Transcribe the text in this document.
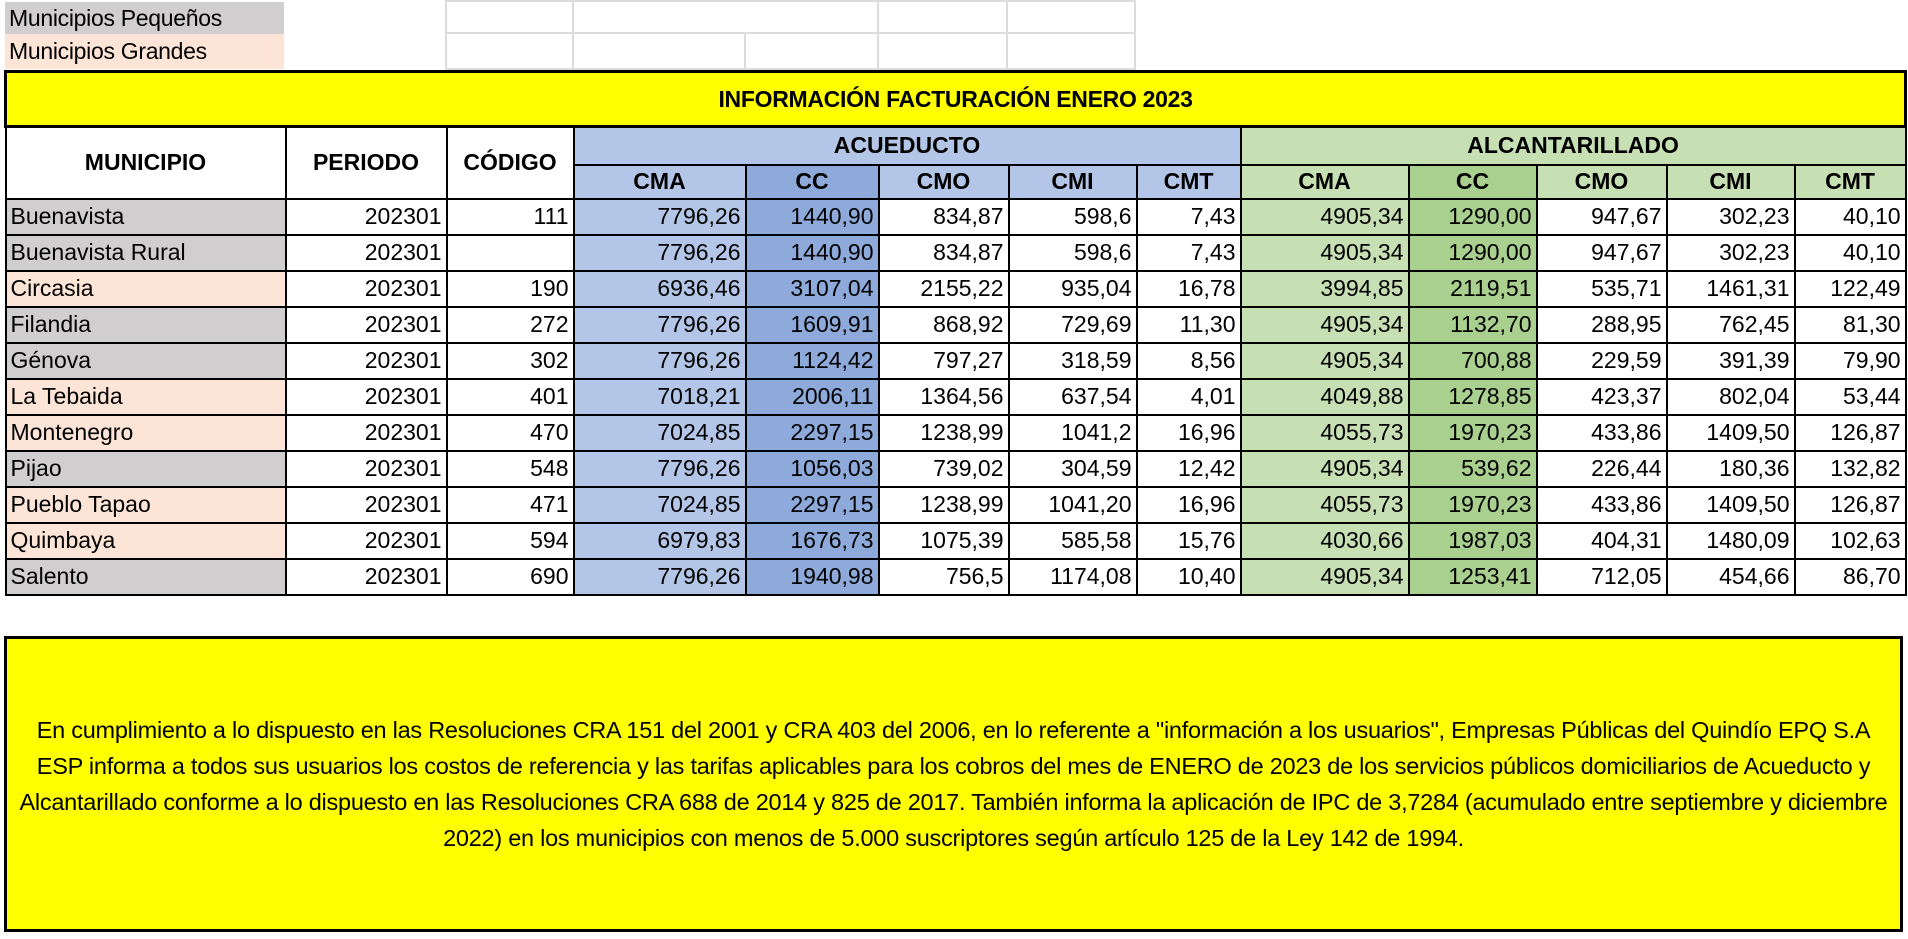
Municipios Pequeños
Municipios Grandes
INFORMACIÓN FACTURACIÓN ENERO 2023												
MUNICIPIO	PERIODO	CÓDIGO	ACUEDUCTO					ALCANTARILLADO				
			CMA	CC	CMO	CMI	CMT	CMA	CC	CMO	CMI	CMT
Buenavista	202301	111	7796,26	1440,90	834,87	598,6	7,43	4905,34	1290,00	947,67	302,23	40,10
Buenavista Rural	202301		7796,26	1440,90	834,87	598,6	7,43	4905,34	1290,00	947,67	302,23	40,10
Circasia	202301	190	6936,46	3107,04	2155,22	935,04	16,78	3994,85	2119,51	535,71	1461,31	122,49
Filandia	202301	272	7796,26	1609,91	868,92	729,69	11,30	4905,34	1132,70	288,95	762,45	81,30
Génova	202301	302	7796,26	1124,42	797,27	318,59	8,56	4905,34	700,88	229,59	391,39	79,90
La Tebaida	202301	401	7018,21	2006,11	1364,56	637,54	4,01	4049,88	1278,85	423,37	802,04	53,44
Montenegro	202301	470	7024,85	2297,15	1238,99	1041,2	16,96	4055,73	1970,23	433,86	1409,50	126,87
Pijao	202301	548	7796,26	1056,03	739,02	304,59	12,42	4905,34	539,62	226,44	180,36	132,82
Pueblo Tapao	202301	471	7024,85	2297,15	1238,99	1041,20	16,96	4055,73	1970,23	433,86	1409,50	126,87
Quimbaya	202301	594	6979,83	1676,73	1075,39	585,58	15,76	4030,66	1987,03	404,31	1480,09	102,63
Salento	202301	690	7796,26	1940,98	756,5	1174,08	10,40	4905,34	1253,41	712,05	454,66	86,70
En cumplimiento a lo dispuesto en las Resoluciones CRA 151 del 2001 y CRA 403 del 2006, en lo referente a "información a los usuarios", Empresas Públicas del Quindío EPQ S.A ESP informa a todos sus usuarios los costos de referencia y las tarifas aplicables para los cobros del mes de ENERO de 2023 de los servicios públicos domiciliarios de Acueducto y Alcantarillado conforme a lo dispuesto en las Resoluciones CRA 688 de 2014 y 825 de 2017. También informa la aplicación de IPC de 3,7284 (acumulado entre septiembre y diciembre 2022) en los municipios con menos de 5.000 suscriptores según artículo 125 de la Ley 142 de 1994.
